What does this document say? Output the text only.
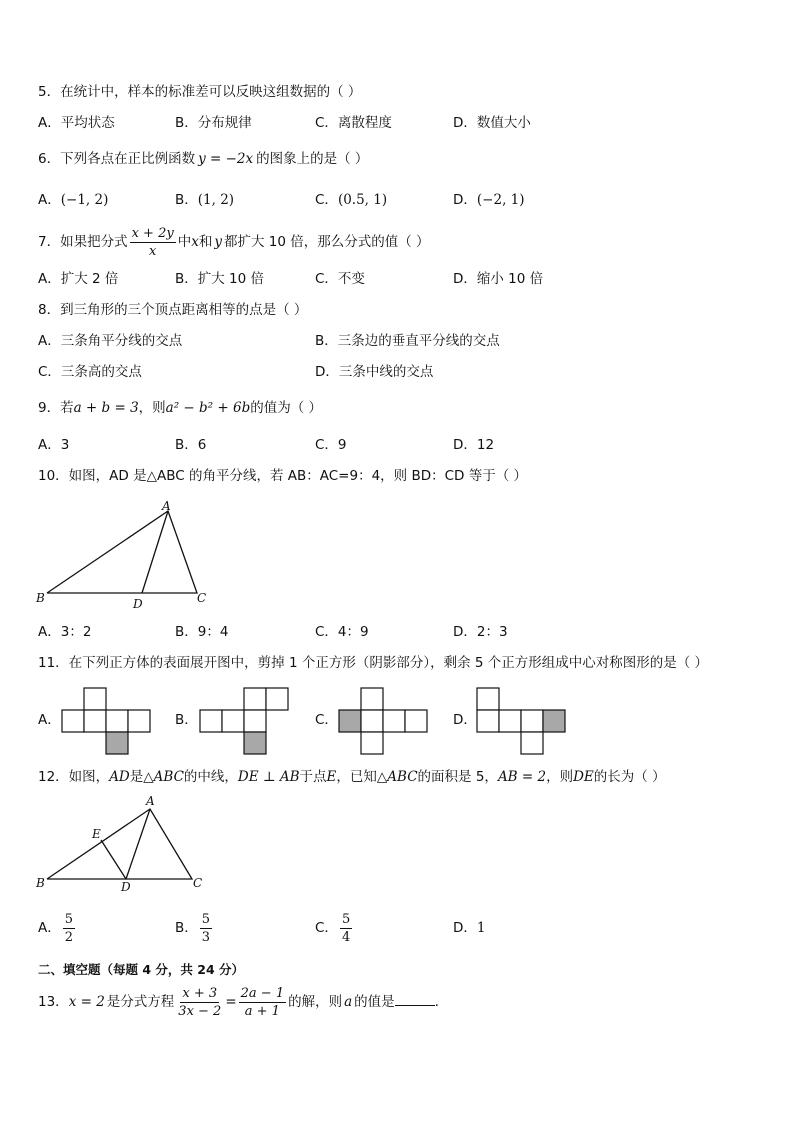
5．在统计中，样本的标准差可以反映这组数据的（ ）
A．平均状态	B．分布规律	C．离散程度	D．数值大小
6．下列各点在正比例函数 y = −2x 的图象上的是（ ）
A．(−1, 2)	B．(1, 2)	C．(0.5, 1)	D．(−2, 1)
7．如果把分式 $\frac{x + 2y}{x}$ 中x和 y 都扩大 10 倍，那么分式的值（ ）
A．扩大 2 倍	B．扩大 10 倍	C．不变	D．缩小 10 倍
8．到三角形的三个顶点距离相等的点是（ ）
A．三条角平分线的交点	B．三条边的垂直平分线的交点
C．三条高的交点	D．三条中线的交点
9．若a + b = 3，则a² − b² + 6b的值为（ ）
A．3	B．6	C．9	D．12
10．如图，AD 是△ABC 的角平分线，若 AB：AC=9：4，则 BD：CD 等于（ ）
A
B	D	C
A．3：2	B．9：4	C．4：9	D．2：3
11．在下列正方体的表面展开图中，剪掉 1 个正方形（阴影部分），剩余 5 个正方形组成中心对称图形的是（ ）
A．	B．	C．	D．
12．如图，AD是△ABC的中线，DE ⊥ AB于点E，已知△ABC的面积是 5，AB = 2，则DE的长为（ ）
A
E
B	D	C
A． $\frac{5}{2}$	B． $\frac{5}{3}$	C． $\frac{5}{4}$	D．1
二、填空题（每题 4 分，共 24 分）
13．x = 2 是分式方程 $\frac{x + 3}{3x - 2} = \frac{2a - 1}{a + 1}$ 的解，则 a 的值是	.
